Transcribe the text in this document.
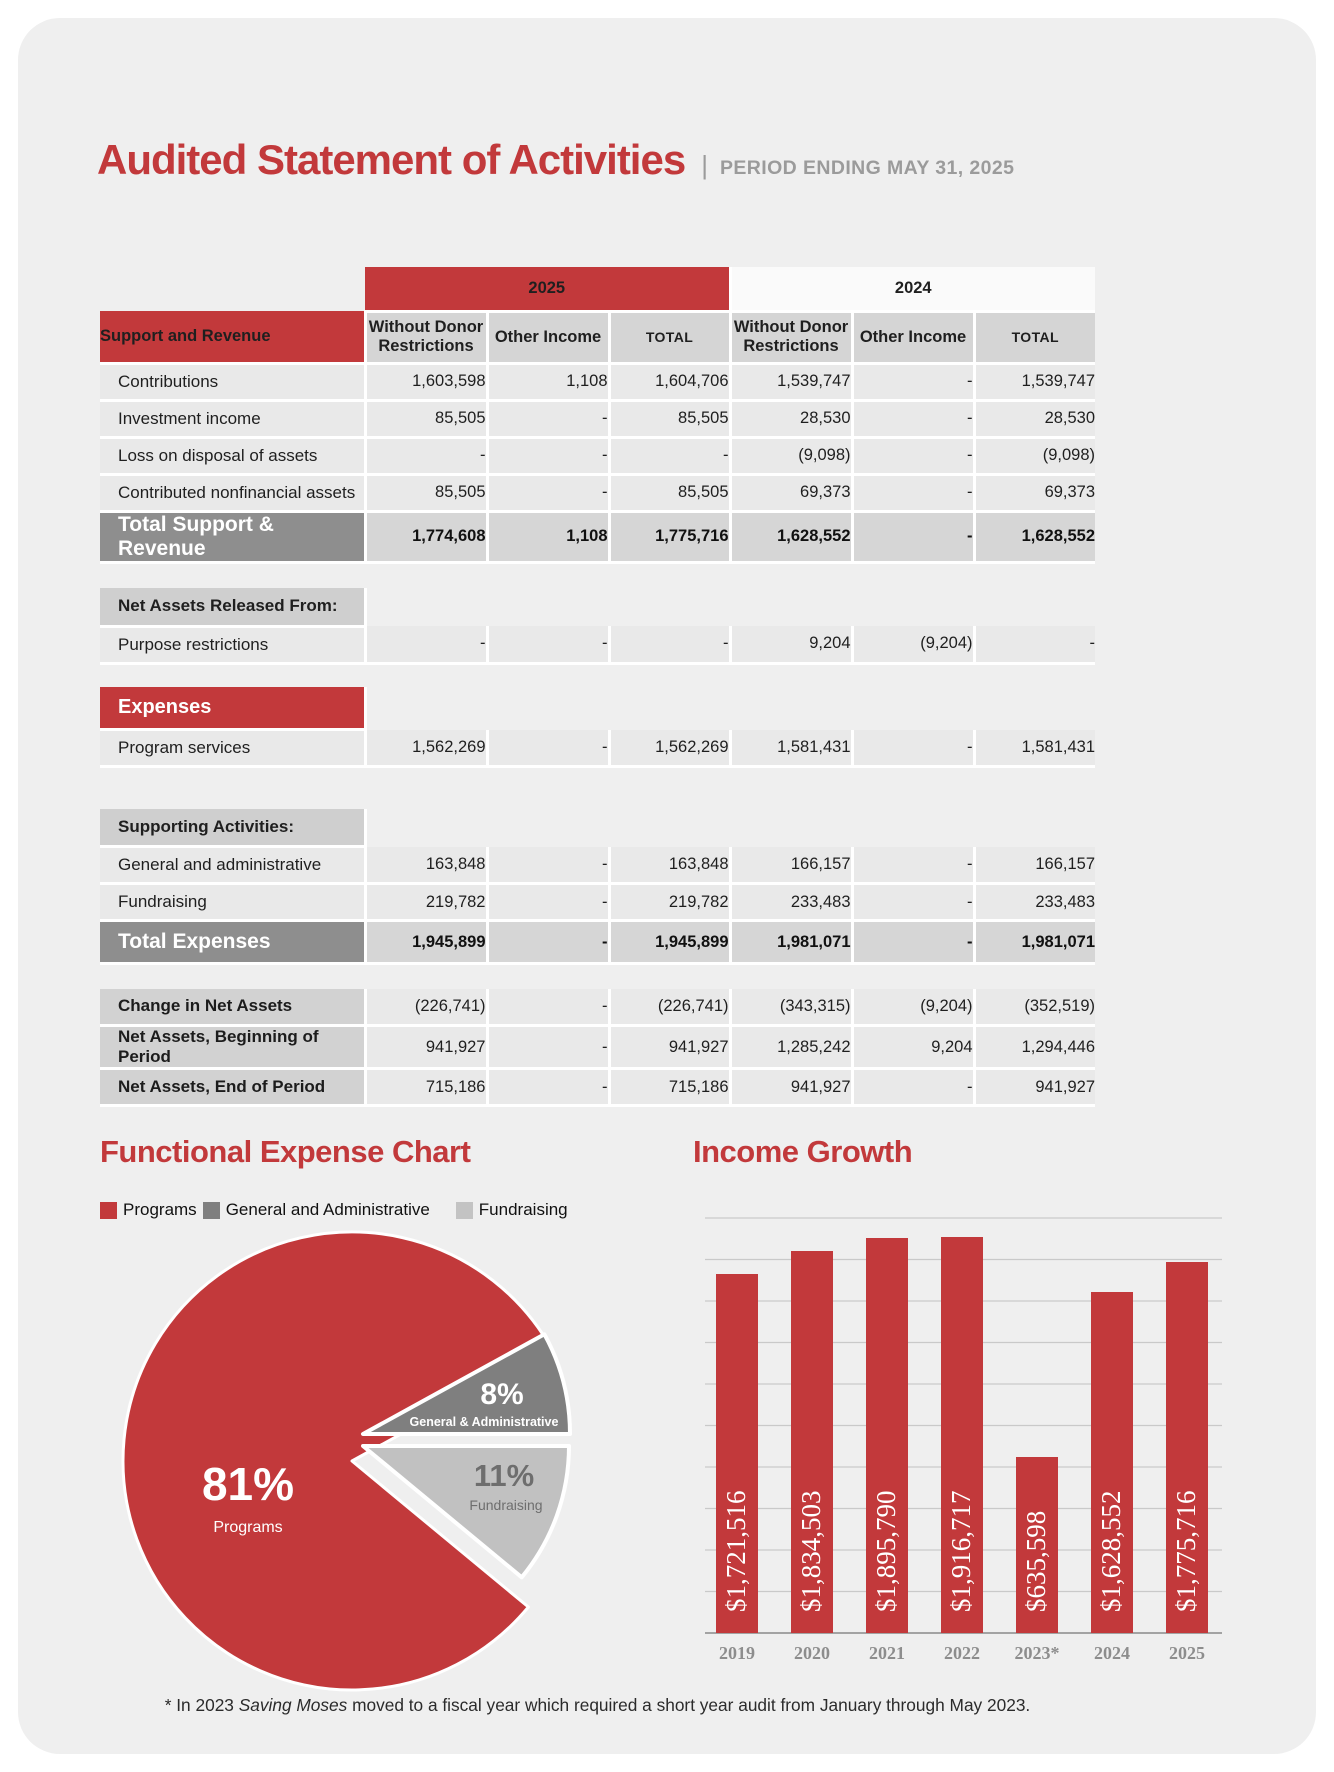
Audited Statement of Activities | PERIOD ENDING MAY 31, 2025
	2025			2024		
Support and Revenue	Without Donor Restrictions	Other Income	TOTAL	Without Donor Restrictions	Other Income	TOTAL
Contributions	1,603,598	1,108	1,604,706	1,539,747	-	1,539,747
Investment income	85,505	-	85,505	28,530	-	28,530
Loss on disposal of assets	-	-	-	(9,098)	-	(9,098)
Contributed nonfinancial assets	85,505	-	85,505	69,373	-	69,373
Total Support & Revenue	1,774,608	1,108	1,775,716	1,628,552	-	1,628,552

Net Assets Released From:						
Purpose restrictions	-	-	-	9,204	(9,204)	-

Expenses						
Program services	1,562,269	-	1,562,269	1,581,431	-	1,581,431

Supporting Activities:						
General and administrative	163,848	-	163,848	166,157	-	166,157
Fundraising	219,782	-	219,782	233,483	-	233,483
Total Expenses	1,945,899	-	1,945,899	1,981,071	-	1,981,071

Change in Net Assets	(226,741)	-	(226,741)	(343,315)	(9,204)	(352,519)
Net Assets, Beginning of Period	941,927	-	941,927	1,285,242	9,204	1,294,446
Net Assets, End of Period	715,186	-	715,186	941,927	-	941,927
Functional Expense Chart	Income Growth
Programs General and Administrative	Fundraising
81%
Programs
8%
General & Administrative
11%
Fundraising	$1,721,516
2019
$1,834,503
2020
$1,895,790
2021
$1,916,717
2022
$635,598
2023*
$1,628,552
2024
$1,775,716
2025
* In 2023 Saving Moses moved to a fiscal year which required a short year audit from January through May 2023.
